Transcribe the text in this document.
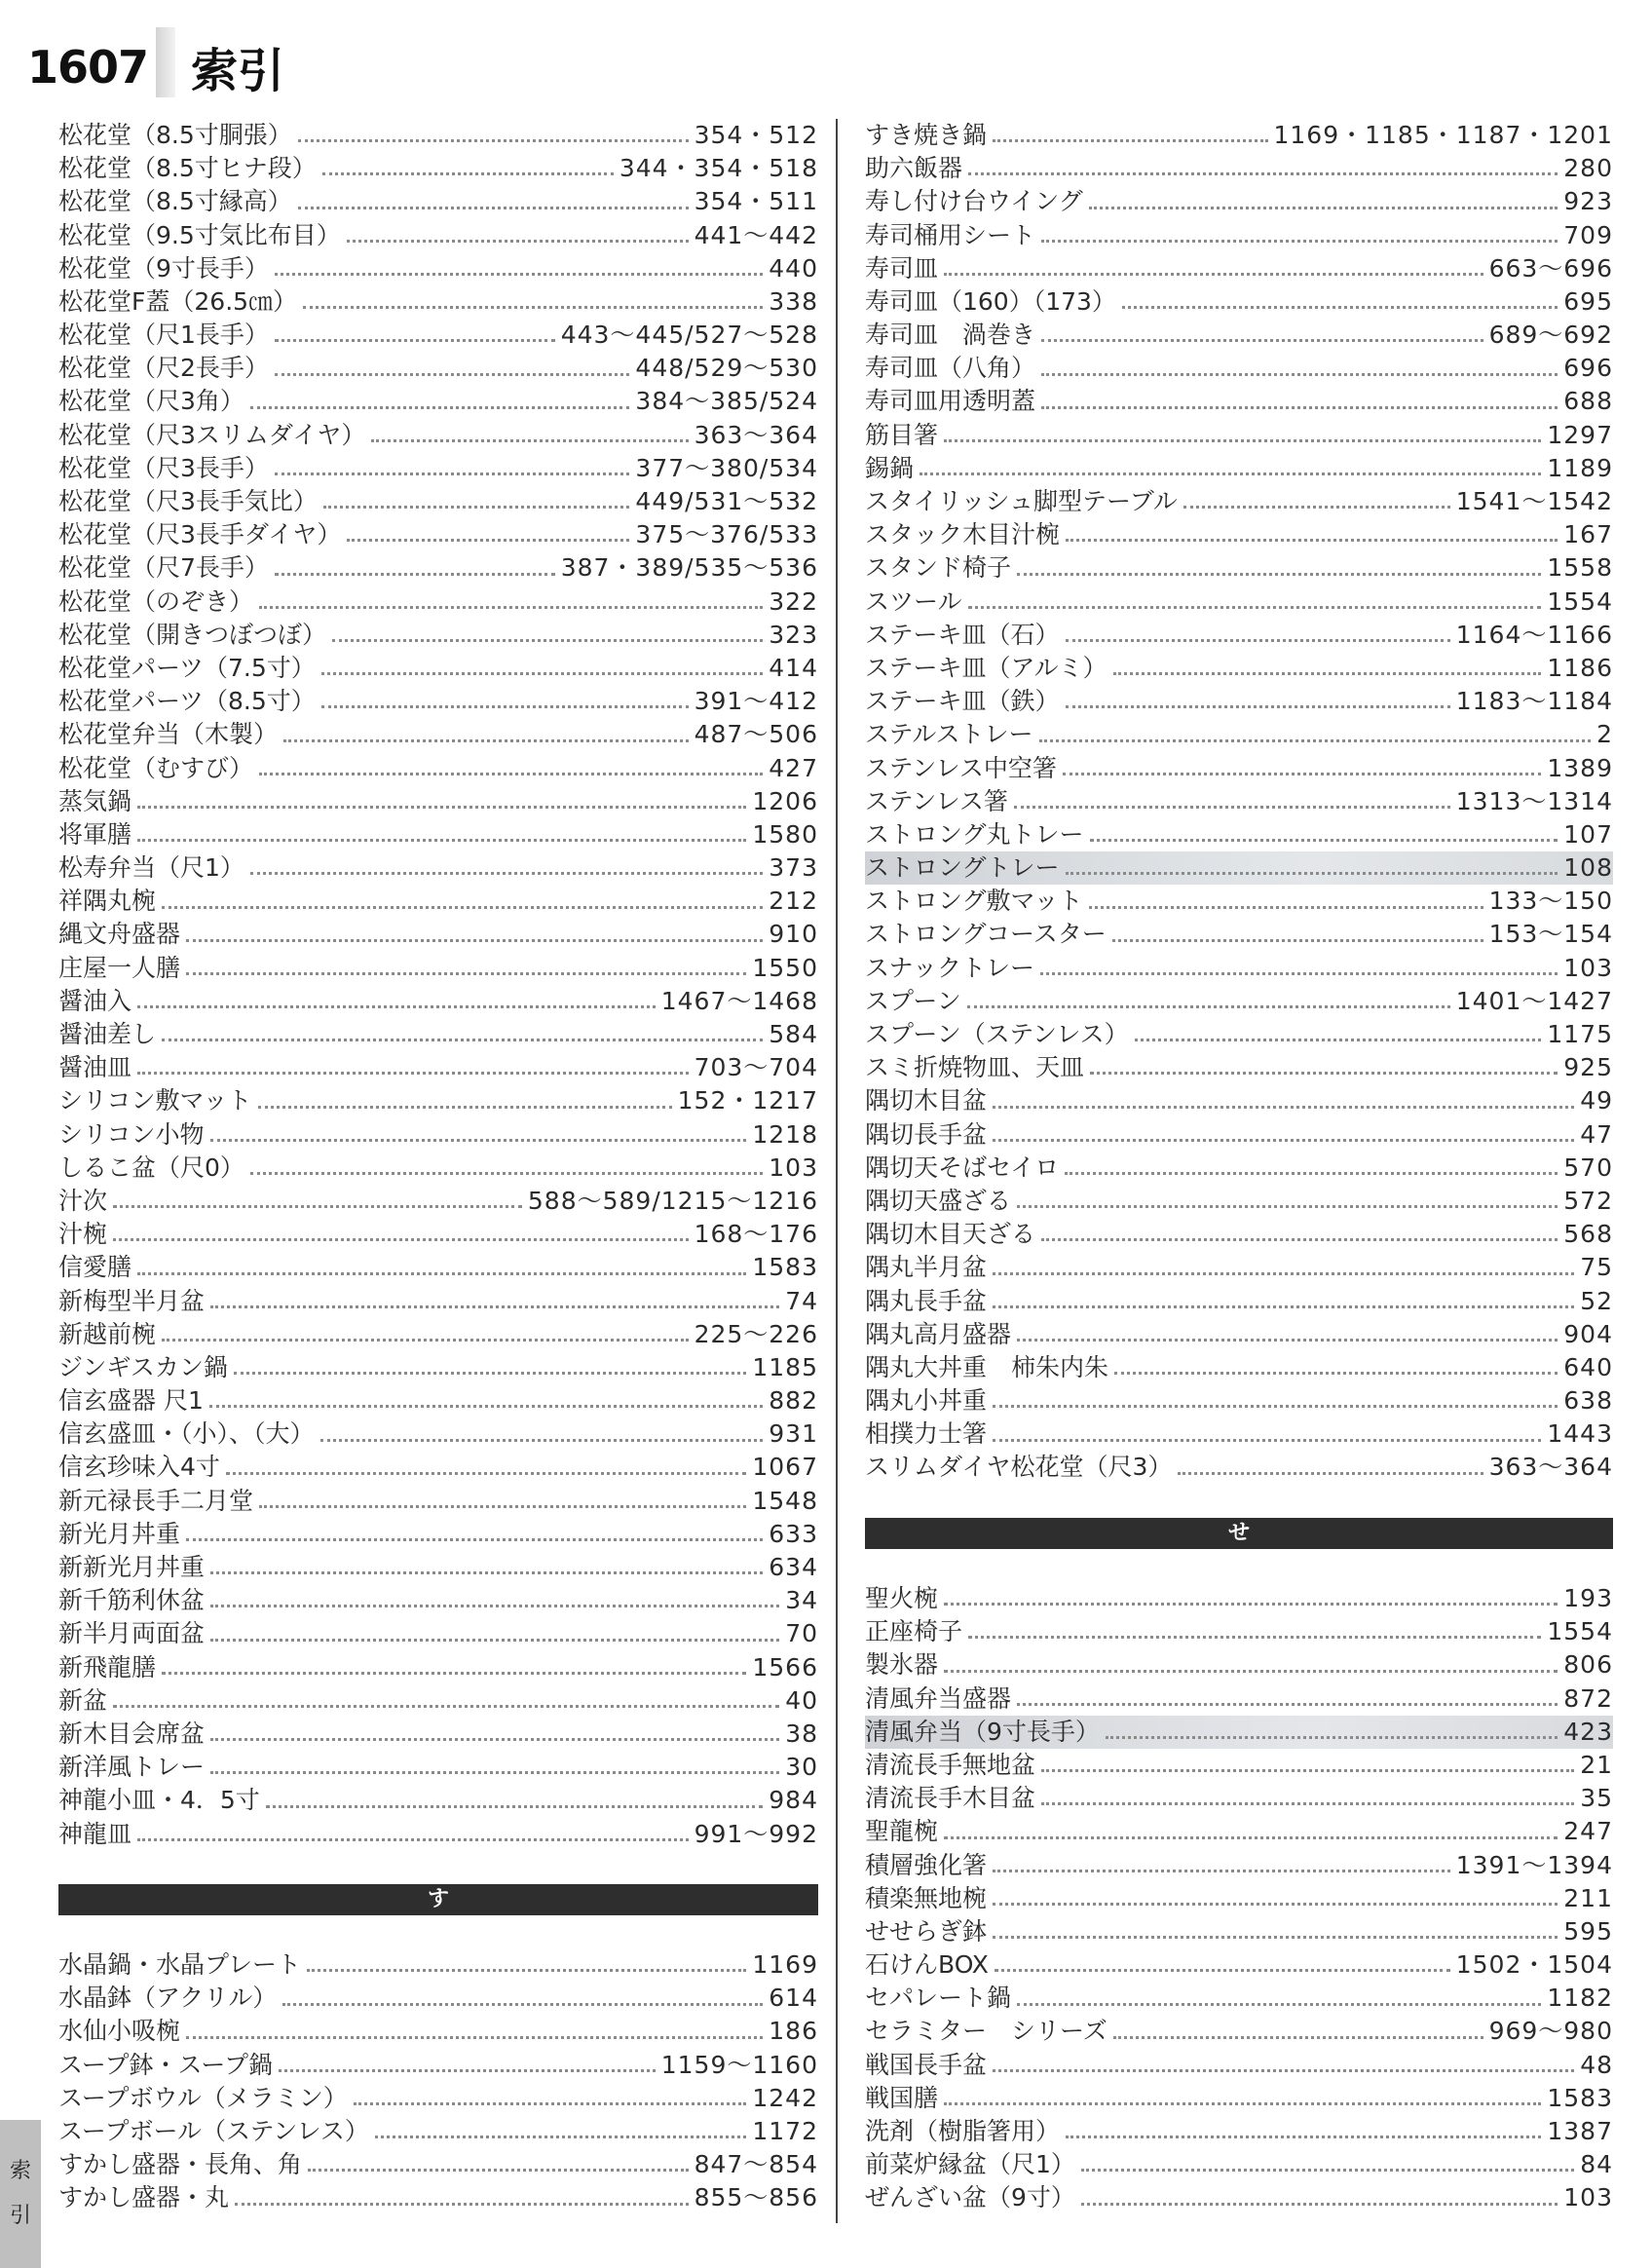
1607 索引
松花堂（8.5寸胴張）	354・512
松花堂（8.5寸ヒナ段）	344・354・518
松花堂（8.5寸縁高）	354・511
松花堂（9.5寸気比布目）	441～442
松花堂（9寸長手）	440
松花堂F蓋（26.5㎝）	338
松花堂（尺1長手）	443～445/527～528
松花堂（尺2長手）	448/529～530
松花堂（尺3角）	384～385/524
松花堂（尺3スリムダイヤ）	363～364
松花堂（尺3長手）	377～380/534
松花堂（尺3長手気比）	449/531～532
松花堂（尺3長手ダイヤ）	375～376/533
松花堂（尺7長手）	387・389/535～536
松花堂（のぞき）	322
松花堂（開きつぼつぼ）	323
松花堂パーツ（7.5寸）	414
松花堂パーツ（8.5寸）	391～412
松花堂弁当（木製）	487～506
松花堂（むすび）	427
蒸気鍋	1206
将軍膳	1580
松寿弁当（尺1）	373
祥隅丸椀	212
縄文舟盛器	910
庄屋一人膳	1550
醤油入	1467～1468
醤油差し	584
醤油皿	703～704
シリコン敷マット	152・1217
シリコン小物	1218
しるこ盆（尺0）	103
汁次	588～589/1215～1216
汁椀	168～176
信愛膳	1583
新梅型半月盆	74
新越前椀	225～226
ジンギスカン鍋	1185
信玄盛器 尺1	882
信玄盛皿・（小）、（大）	931
信玄珍味入4寸	1067
新元禄長手二月堂	1548
新光月丼重	633
新新光月丼重	634
新千筋利休盆	34
新半月両面盆	70
新飛龍膳	1566
新盆	40
新木目会席盆	38
新洋風トレー	30
神龍小皿・4．5寸	984
神龍皿	991～992
す
水晶鍋・水晶プレート	1169
水晶鉢（アクリル）	614
水仙小吸椀	186
スープ鉢・スープ鍋	1159～1160
スープボウル（メラミン）	1242
スープボール（ステンレス）	1172
すかし盛器・長角、角	847～854
すかし盛器・丸	855～856
すき焼き鍋	1169・1185・1187・1201
助六飯器	280
寿し付け台ウイング	923
寿司桶用シート	709
寿司皿	663～696
寿司皿（160）（173）	695
寿司皿　渦巻き	689～692
寿司皿（八角）	696
寿司皿用透明蓋	688
筋目箸	1297
錫鍋	1189
スタイリッシュ脚型テーブル	1541～1542
スタック木目汁椀	167
スタンド椅子	1558
スツール	1554
ステーキ皿（石）	1164～1166
ステーキ皿（アルミ）	1186
ステーキ皿（鉄）	1183～1184
ステルストレー	2
ステンレス中空箸	1389
ステンレス箸	1313～1314
ストロング丸トレー	107
ストロングトレー	108
ストロング敷マット	133～150
ストロングコースター	153～154
スナックトレー	103
スプーン	1401～1427
スプーン（ステンレス）	1175
スミ折焼物皿、天皿	925
隅切木目盆	49
隅切長手盆	47
隅切天そばセイロ	570
隅切天盛ざる	572
隅切木目天ざる	568
隅丸半月盆	75
隅丸長手盆	52
隅丸高月盛器	904
隅丸大丼重　柿朱内朱	640
隅丸小丼重	638
相撲力士箸	1443
スリムダイヤ松花堂（尺3）	363～364
せ
聖火椀	193
正座椅子	1554
製氷器	806
清風弁当盛器	872
清風弁当（9寸長手）	423
清流長手無地盆	21
清流長手木目盆	35
聖龍椀	247
積層強化箸	1391～1394
積楽無地椀	211
せせらぎ鉢	595
石けんBOX	1502・1504
セパレート鍋	1182
セラミター　シリーズ	969～980
戦国長手盆	48
戦国膳	1583
洗剤（樹脂箸用）	1387
前菜炉縁盆（尺1）	84
ぜんざい盆（9寸）	103
索
引
